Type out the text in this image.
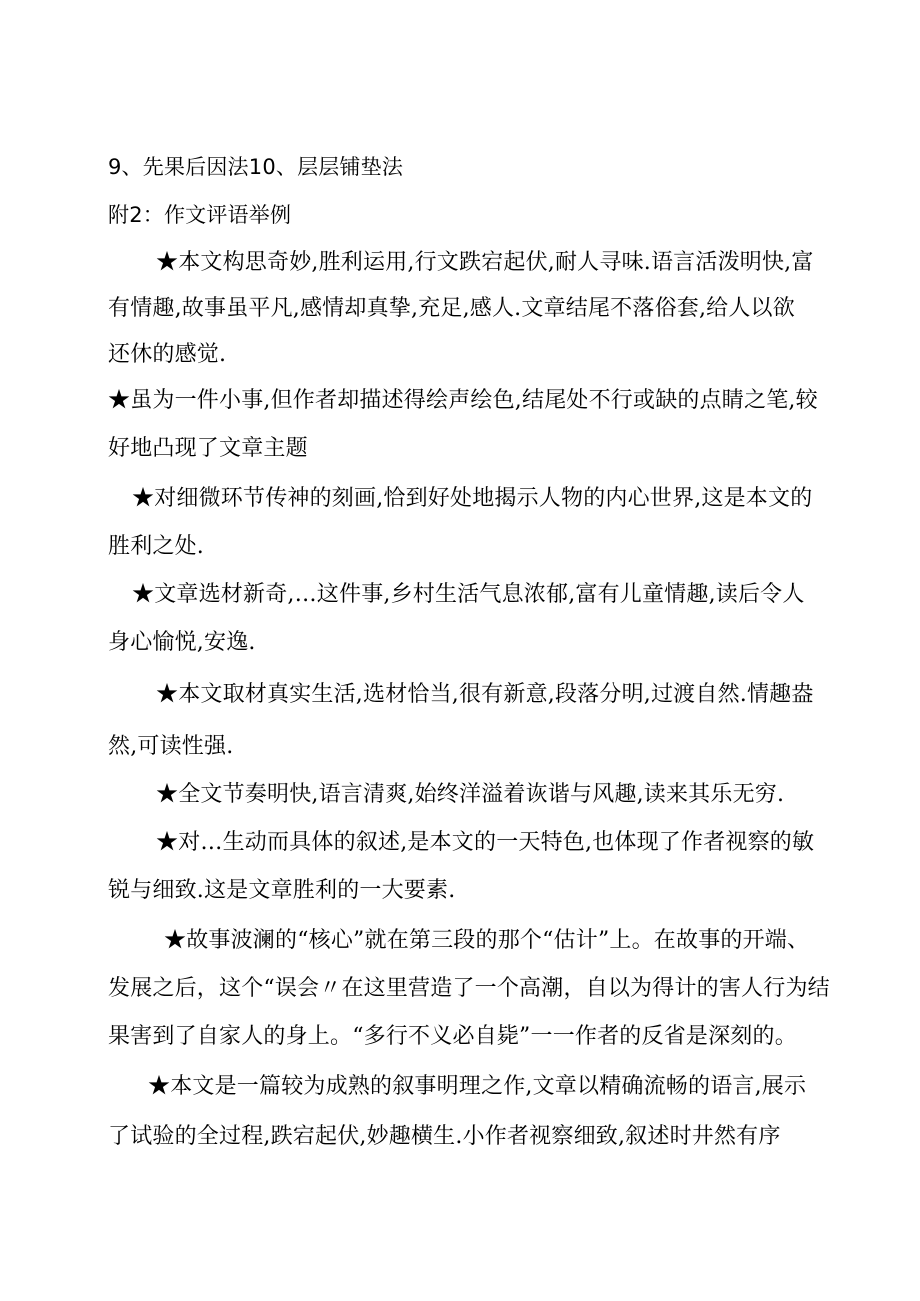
9、先果后因法10、层层铺垫法

附2：作文评语举例

★本文构思奇妙,胜利运用,行文跌宕起伏,耐人寻味.语言活泼明快,富

有情趣,故事虽平凡,感情却真挚,充足,感人.文章结尾不落俗套,给人以欲

还休的感觉.

★虽为一件小事,但作者却描述得绘声绘色,结尾处不行或缺的点睛之笔,较

好地凸现了文章主题

★对细微环节传神的刻画,恰到好处地揭示人物的内心世界,这是本文的

胜利之处.

★文章选材新奇,…这件事,乡村生活气息浓郁,富有儿童情趣,读后令人

身心愉悦,安逸.

★本文取材真实生活,选材恰当,很有新意,段落分明,过渡自然.情趣盎

然,可读性强.

★全文节奏明快,语言清爽,始终洋溢着诙谐与风趣,读来其乐无穷.

★对…生动而具体的叙述,是本文的一天特色,也体现了作者视察的敏

锐与细致.这是文章胜利的一大要素.

★故事波澜的“核心”就在第三段的那个“估计”上。在故事的开端、

发展之后，这个“误会〃在这里营造了一个高潮，自以为得计的害人行为结

果害到了自家人的身上。“多行不义必自毙”一一作者的反省是深刻的。

★本文是一篇较为成熟的叙事明理之作,文章以精确流畅的语言,展示

了试验的全过程,跌宕起伏,妙趣横生.小作者视察细致,叙述时井然有序
